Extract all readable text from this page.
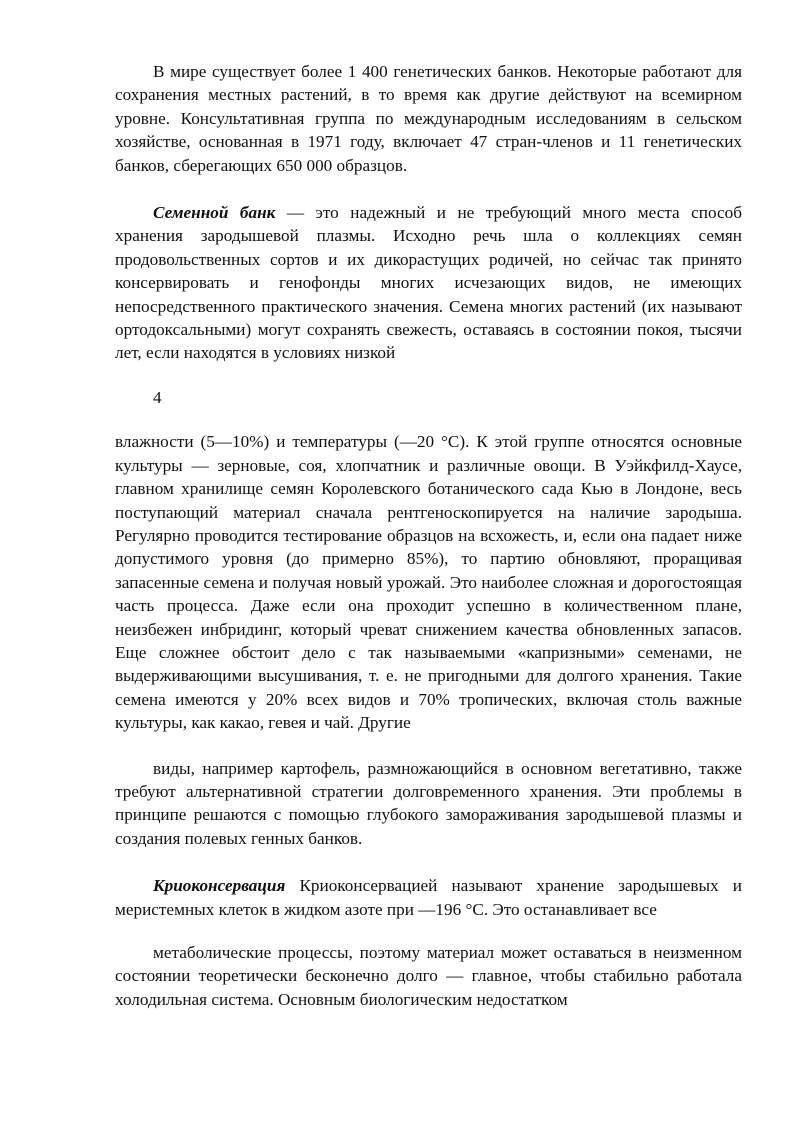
В мире существует более 1 400 генетических банков. Некоторые работают для сохранения местных растений, в то время как другие действуют на всемирном уровне. Консультативная группа по международным исследованиям в сельском хозяйстве, основанная в 1971 году, включает 47 стран-членов и 11 генетических банков, сберегающих 650 000 образцов.

Семенной банк — это надежный и не требующий много места способ хранения зародышевой плазмы. Исходно речь шла о коллекциях семян продовольственных сортов и их дикорастущих родичей, но сейчас так принято консервировать и генофонды многих исчезающих видов, не имеющих непосредственного практического значения. Семена многих растений (их называют ортодоксальными) могут сохранять свежесть, оставаясь в состоянии покоя, тысячи лет, если находятся в условиях низкой

4

влажности (5—10%) и температуры (—20 °С). К этой группе относятся основные культуры — зерновые, соя, хлопчатник и различные овощи. В Уэйкфилд-Хаусе, главном хранилище семян Королевского ботанического сада Кью в Лондоне, весь поступающий материал сначала рентгеноскопируется на наличие зародыша. Регулярно проводится тестирование образцов на всхожесть, и, если она падает ниже допустимого уровня (до примерно 85%), то партию обновляют, проращивая запасенные семена и получая новый урожай. Это наиболее сложная и дорогостоящая часть процесса. Даже если она проходит успешно в количественном плане, неизбежен инбридинг, который чреват снижением качества обновленных запасов. Еще сложнее обстоит дело с так называемыми «капризными» семенами, не выдерживающими высушивания, т. е. не пригодными для долгого хранения. Такие семена имеются у 20% всех видов и 70% тропических, включая столь важные культуры, как какао, гевея и чай. Другие

виды, например картофель, размножающийся в основном вегетативно, также требуют альтернативной стратегии долговременного хранения. Эти проблемы в принципе решаются с помощью глубокого замораживания зародышевой плазмы и создания полевых генных банков.

Криоконсервация Криоконсервацией называют хранение зародышевых и меристемных клеток в жидком азоте при —196 °С. Это останавливает все

метаболические процессы, поэтому материал может оставаться в неизменном состоянии теоретически бесконечно долго — главное, чтобы стабильно работала холодильная система. Основным биологическим недостатком
